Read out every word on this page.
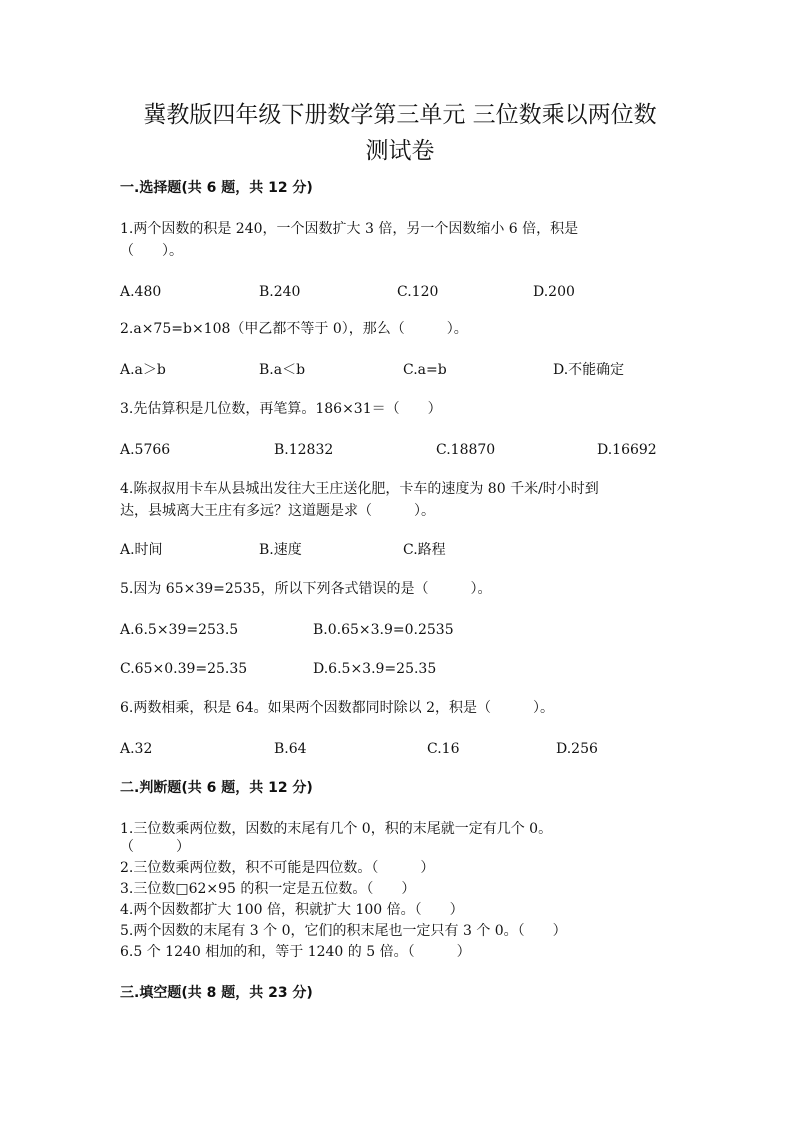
冀教版四年级下册数学第三单元 三位数乘以两位数
测试卷
一.选择题(共 6 题，共 12 分)
1.两个因数的积是 240，一个因数扩大 3 倍，另一个因数缩小 6 倍，积是
（　　）。
A.480	B.240	C.120	D.200
2.a×75=b×108（甲乙都不等于 0），那么（　　　）。
A.a＞b	B.a＜b	C.a=b	D.不能确定
3.先估算积是几位数，再笔算。186×31＝（　　）
A.5766	B.12832	C.18870	D.16692
4.陈叔叔用卡车从县城出发往大王庄送化肥，卡车的速度为 80 千米/时小时到
达，县城离大王庄有多远？这道题是求（　　　）。
A.时间	B.速度	C.路程
5.因为 65×39=2535，所以下列各式错误的是（　　　）。
A.6.5×39=253.5	B.0.65×3.9=0.2535
C.65×0.39=25.35	D.6.5×3.9=25.35
6.两数相乘，积是 64。如果两个因数都同时除以 2，积是（　　　）。
A.32	B.64	C.16	D.256
二.判断题(共 6 题，共 12 分)
1.三位数乘两位数，因数的末尾有几个 0，积的末尾就一定有几个 0。
（　　　）
2.三位数乘两位数，积不可能是四位数。（　　　）
3.三位数□62×95 的积一定是五位数。（　　）
4.两个因数都扩大 100 倍，积就扩大 100 倍。（　　）
5.两个因数的末尾有 3 个 0，它们的积末尾也一定只有 3 个 0。（　　）
6.5 个 1240 相加的和，等于 1240 的 5 倍。（　　　）
三.填空题(共 8 题，共 23 分)
